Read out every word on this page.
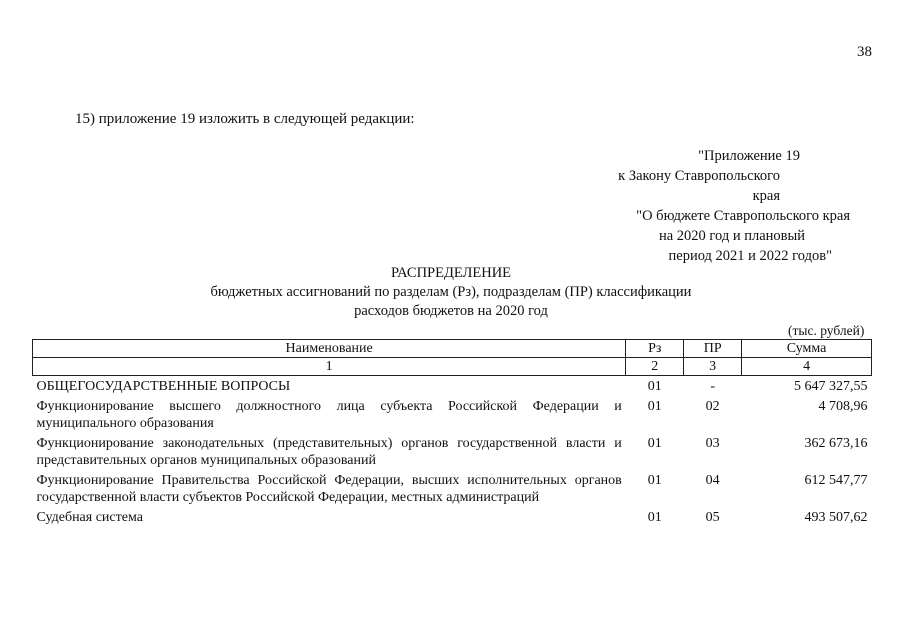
38
15) приложение 19 изложить в следующей редакции:
"Приложение 19
к Закону Ставропольского края
"О бюджете Ставропольского края
на 2020 год и плановый
период 2021 и 2022 годов"
РАСПРЕДЕЛЕНИЕ
бюджетных ассигнований по разделам (Рз), подразделам (ПР) классификации
расходов бюджетов на 2020 год
(тыс. рублей)
Наименование	Рз	ПР	Сумма
1	2	3	4
ОБЩЕГОСУДАРСТВЕННЫЕ ВОПРОСЫ	01	-	5 647 327,55
Функционирование высшего должностного лица субъекта Российской Федерации и муниципального образования	01	02	4 708,96
Функционирование законодательных (представительных) органов государственной власти и представительных органов муниципальных образований	01	03	362 673,16
Функционирование Правительства Российской Федерации, высших исполнительных органов государственной власти субъектов Российской Федерации, местных администраций	01	04	612 547,77
Судебная система	01	05	493 507,62
